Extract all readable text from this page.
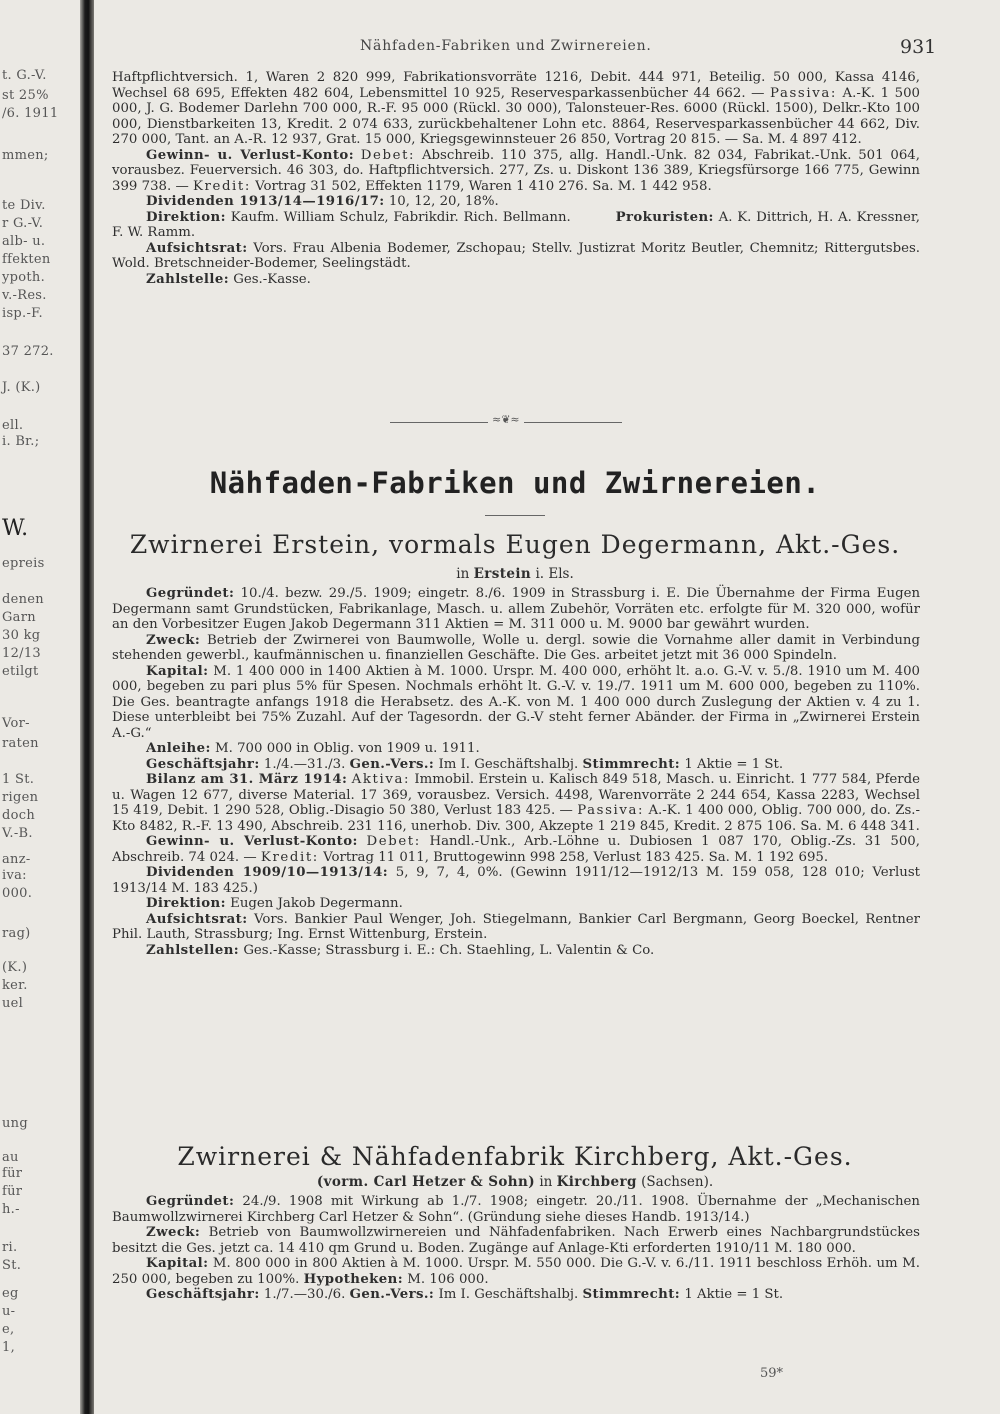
t. G.-V.
st 25%
/6. 1911
mmen;
te Div.
r G.-V.
alb- u.
ffekten
ypoth.
v.-Res.
isp.-F.
37 272.
J. (K.)
ell.
i. Br.;
W.
epreis
denen
Garn
30 kg
12/13
etilgt
Vor-
raten
1 St.
rigen
doch
V.-B.
anz-
iva:
000.
rag)
(K.)
ker.
uel
ung
au
für
für
h.-
ri.
St.
eg
u-
e,
1,
Nähfaden-Fabriken und Zwirnereien.	931

Haftpflichtversich. 1, Waren 2 820 999, Fabrikationsvorräte 1216, Debit. 444 971, Beteilig. 50 000, Kassa 4146, Wechsel 68 695, Effekten 482 604, Lebensmittel 10 925, Reservesparkassenbücher 44 662. — Passiva: A.-K. 1 500 000, J. G. Bodemer Darlehn 700 000, R.-F. 95 000 (Rückl. 30 000), Talonsteuer-Res. 6000 (Rückl. 1500), Delkr.-Kto 100 000, Dienstbarkeiten 13, Kredit. 2 074 633, zurückbehaltener Lohn etc. 8864, Reservesparkassenbücher 44 662, Div. 270 000, Tant. an A.-R. 12 937, Grat. 15 000, Kriegsgewinnsteuer 26 850, Vortrag 20 815. — Sa. M. 4 897 412.

Gewinn- u. Verlust-Konto: Debet: Abschreib. 110 375, allg. Handl.-Unk. 82 034, Fabrikat.-Unk. 501 064, vorausbez. Feuerversich. 46 303, do. Haftpflichtversich. 277, Zs. u. Diskont 136 389, Kriegsfürsorge 166 775, Gewinn 399 738. — Kredit: Vortrag 31 502, Effekten 1179, Waren 1 410 276. Sa. M. 1 442 958.

Dividenden 1913/14—1916/17: 10, 12, 20, 18%.

Direktion: Kaufm. William Schulz, Fabrikdir. Rich. Bellmann.	Prokuristen: A. K. Dittrich, H. A. Kressner, F. W. Ramm.

Aufsichtsrat: Vors. Frau Albenia Bodemer, Zschopau; Stellv. Justizrat Moritz Beutler, Chemnitz; Rittergutsbes. Wold. Bretschneider-Bodemer, Seelingstädt.

Zahlstelle: Ges.-Kasse.

≈❦≈
Nähfaden-Fabriken und Zwirnereien.
Zwirnerei Erstein, vormals Eugen Degermann, Akt.-Ges.
in Erstein i. Els.

Gegründet: 10./4. bezw. 29./5. 1909; eingetr. 8./6. 1909 in Strassburg i. E. Die Übernahme der Firma Eugen Degermann samt Grundstücken, Fabrikanlage, Masch. u. allem Zubehör, Vorräten etc. erfolgte für M. 320 000, wofür an den Vorbesitzer Eugen Jakob Degermann 311 Aktien = M. 311 000 u. M. 9000 bar gewährt wurden.

Zweck: Betrieb der Zwirnerei von Baumwolle, Wolle u. dergl. sowie die Vornahme aller damit in Verbindung stehenden gewerbl., kaufmännischen u. finanziellen Geschäfte. Die Ges. arbeitet jetzt mit 36 000 Spindeln.

Kapital: M. 1 400 000 in 1400 Aktien à M. 1000. Urspr. M. 400 000, erhöht lt. a.o. G.-V. v. 5./8. 1910 um M. 400 000, begeben zu pari plus 5% für Spesen. Nochmals erhöht lt. G.-V. v. 19./7. 1911 um M. 600 000, begeben zu 110%. Die Ges. beantragte anfangs 1918 die Herabsetz. des A.-K. von M. 1 400 000 durch Zuslegung der Aktien v. 4 zu 1. Diese unterbleibt bei 75% Zuzahl. Auf der Tagesordn. der G.-V steht ferner Abänder. der Firma in „Zwirnerei Erstein A.-G.“

Anleihe: M. 700 000 in Oblig. von 1909 u. 1911.

Geschäftsjahr: 1./4.—31./3. Gen.-Vers.: Im I. Geschäftshalbj. Stimmrecht: 1 Aktie = 1 St.

Bilanz am 31. März 1914: Aktiva: Immobil. Erstein u. Kalisch 849 518, Masch. u. Einricht. 1 777 584, Pferde u. Wagen 12 677, diverse Material. 17 369, vorausbez. Versich. 4498, Warenvorräte 2 244 654, Kassa 2283, Wechsel 15 419, Debit. 1 290 528, Oblig.-Disagio 50 380, Verlust 183 425. — Passiva: A.-K. 1 400 000, Oblig. 700 000, do. Zs.-Kto 8482, R.-F. 13 490, Abschreib. 231 116, unerhob. Div. 300, Akzepte 1 219 845, Kredit. 2 875 106. Sa. M. 6 448 341.

Gewinn- u. Verlust-Konto: Debet: Handl.-Unk., Arb.-Löhne u. Dubiosen 1 087 170, Oblig.-Zs. 31 500, Abschreib. 74 024. — Kredit: Vortrag 11 011, Bruttogewinn 998 258, Verlust 183 425. Sa. M. 1 192 695.

Dividenden 1909/10—1913/14: 5, 9, 7, 4, 0%. (Gewinn 1911/12—1912/13 M. 159 058, 128 010; Verlust 1913/14 M. 183 425.)

Direktion: Eugen Jakob Degermann.

Aufsichtsrat: Vors. Bankier Paul Wenger, Joh. Stiegelmann, Bankier Carl Bergmann, Georg Boeckel, Rentner Phil. Lauth, Strassburg; Ing. Ernst Wittenburg, Erstein.

Zahlstellen: Ges.-Kasse; Strassburg i. E.: Ch. Staehling, L. Valentin & Co.

Zwirnerei & Nähfadenfabrik Kirchberg, Akt.-Ges.
(vorm. Carl Hetzer & Sohn) in Kirchberg (Sachsen).

Gegründet: 24./9. 1908 mit Wirkung ab 1./7. 1908; eingetr. 20./11. 1908. Übernahme der „Mechanischen Baumwollzwirnerei Kirchberg Carl Hetzer & Sohn“. (Gründung siehe dieses Handb. 1913/14.)

Zweck: Betrieb von Baumwollzwirnereien und Nähfadenfabriken. Nach Erwerb eines Nachbargrundstückes besitzt die Ges. jetzt ca. 14 410 qm Grund u. Boden. Zugänge auf Anlage-Kti erforderten 1910/11 M. 180 000.

Kapital: M. 800 000 in 800 Aktien à M. 1000. Urspr. M. 550 000. Die G.-V. v. 6./11. 1911 beschloss Erhöh. um M. 250 000, begeben zu 100%. Hypotheken: M. 106 000.

Geschäftsjahr: 1./7.—30./6. Gen.-Vers.: Im I. Geschäftshalbj. Stimmrecht: 1 Aktie = 1 St.

59*
